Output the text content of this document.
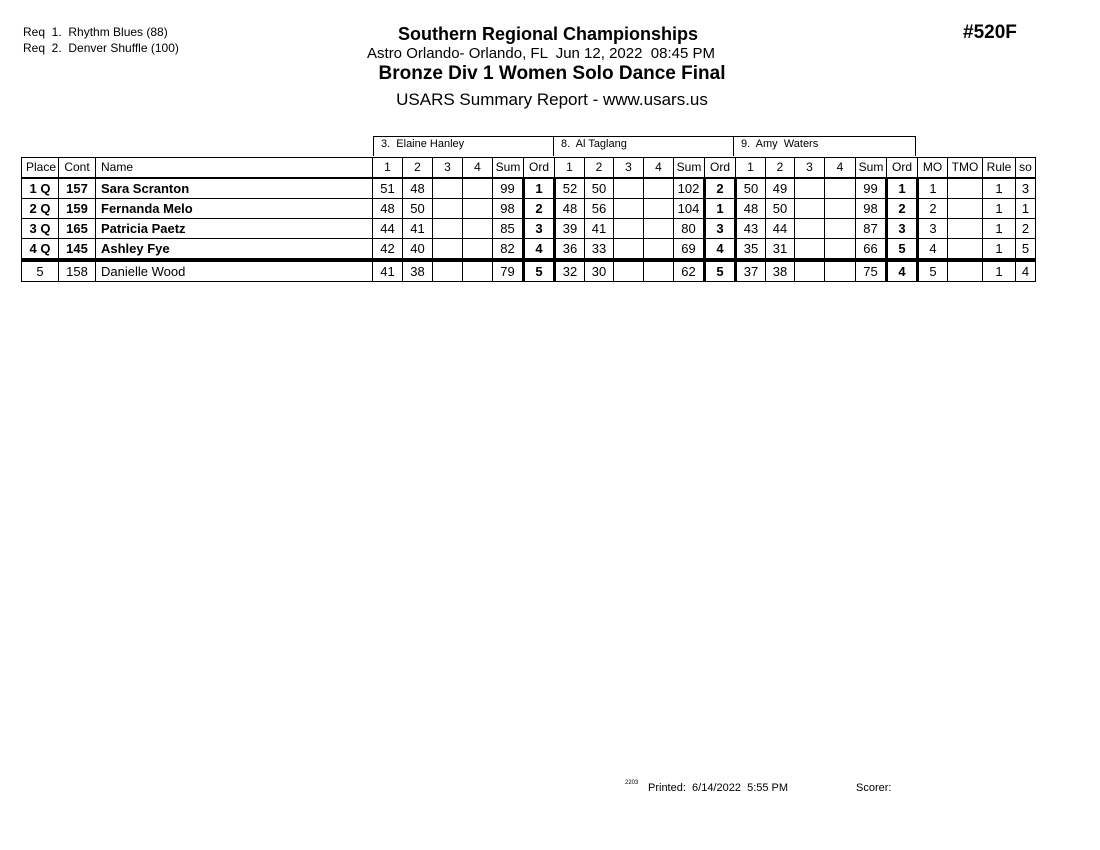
Req  1.  Rhythm Blues (88)
Req  2.  Denver Shuffle (100)
#520F
Southern Regional Championships
Astro Orlando- Orlando, FL  Jun 12, 2022  08:45 PM
Bronze Div 1 Women Solo Dance Final
USARS Summary Report - www.usars.us
3.  Elaine Hanley	8.  Al Taglang	9.  Amy  Waters
Place	Cont	Name	1	2	3	4	Sum	Ord	1	2	3	4	Sum	Ord	1	2	3	4	Sum	Ord	MO	TMO	Rule	so
1 Q	157	Sara Scranton	51	48			99	1	52	50			102	2	50	49			99	1	1		1	3
2 Q	159	Fernanda Melo	48	50			98	2	48	56			104	1	48	50			98	2	2		1	1
3 Q	165	Patricia Paetz	44	41			85	3	39	41			80	3	43	44			87	3	3		1	2
4 Q	145	Ashley Fye	42	40			82	4	36	33			69	4	35	31			66	5	4		1	5
5	158	Danielle Wood	41	38			79	5	32	30			62	5	37	38			75	4	5		1	4
2203 Printed:  6/14/2022  5:55 PM	Scorer:
